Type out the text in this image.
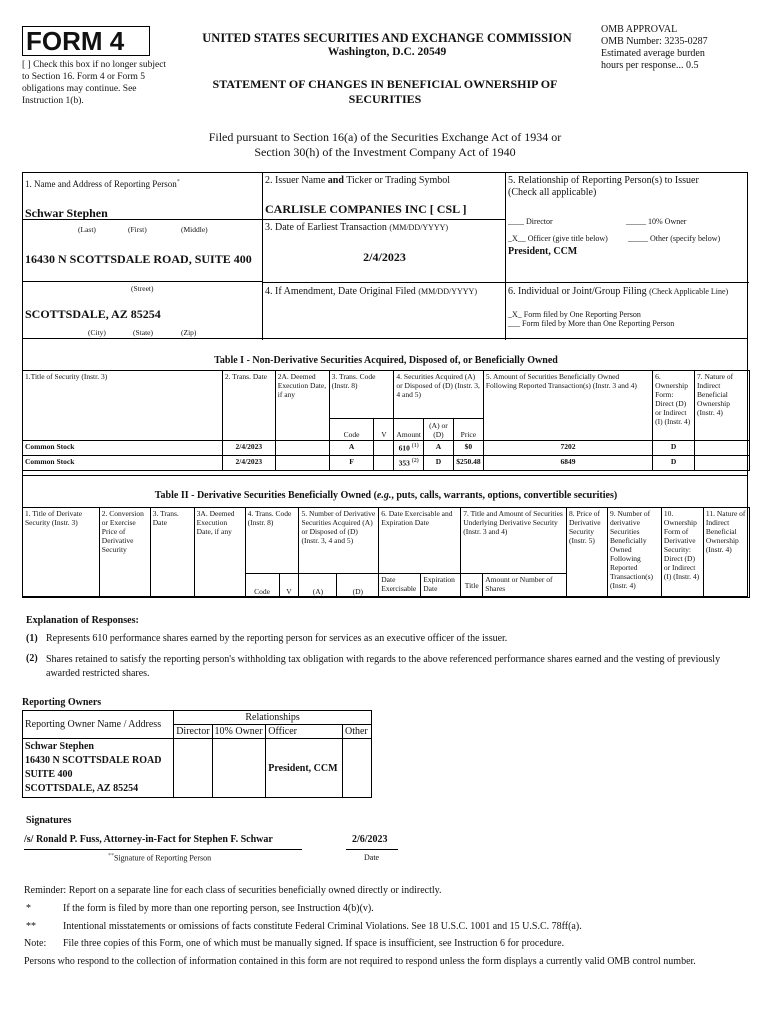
FORM 4
[ ] Check this box if no longer subject to Section 16. Form 4 or Form 5 obligations may continue. See Instruction 1(b).
UNITED STATES SECURITIES AND EXCHANGE COMMISSION
Washington, D.C. 20549
STATEMENT OF CHANGES IN BENEFICIAL OWNERSHIP OF SECURITIES
OMB APPROVAL
OMB Number: 3235-0287
Estimated average burden
hours per response... 0.5
Filed pursuant to Section 16(a) of the Securities Exchange Act of 1934 or
Section 30(h) of the Investment Company Act of 1940
1. Name and Address of Reporting Person*
Schwar Stephen
(Last)	(First)	(Middle)
16430 N SCOTTSDALE ROAD, SUITE 400
(Street)
SCOTTSDALE, AZ 85254
(City)	(State)	(Zip)
2. Issuer Name and Ticker or Trading Symbol
CARLISLE COMPANIES INC [ CSL ]
3. Date of Earliest Transaction (MM/DD/YYYY)
2/4/2023
4. If Amendment, Date Original Filed (MM/DD/YYYY)
5. Relationship of Reporting Person(s) to Issuer
(Check all applicable)
____ Director	_____ 10% Owner
_X__ Officer (give title below)	_____ Other (specify below)
President, CCM
6. Individual or Joint/Group Filing (Check Applicable Line)
_X_ Form filed by One Reporting Person
___ Form filed by More than One Reporting Person
Table I - Non-Derivative Securities Acquired, Disposed of, or Beneficially Owned
1.Title of Security (Instr. 3)	2. Trans. Date	2A. Deemed Execution Date, if any	3. Trans. Code (Instr. 8)		4. Securities Acquired (A) or Disposed of (D) (Instr. 3, 4 and 5)			5. Amount of Securities Beneficially Owned Following Reported Transaction(s) (Instr. 3 and 4)	6. Ownership Form: Direct (D) or Indirect (I) (Instr. 4)	7. Nature of Indirect Beneficial Ownership (Instr. 4)
			Code	V	Amount	(A) or (D)	Price			
Common Stock	2/4/2023		A		610 $^{(1)}$	A	$0	7202	D	
Common Stock	2/4/2023		F		353 $^{(2)}$	D	$250.48	6849	D	
Table II - Derivative Securities Beneficially Owned (e.g., puts, calls, warrants, options, convertible securities)
1. Title of Derivate Security (Instr. 3)	2. Conversion or Exercise Price of Derivative Security	3. Trans. Date	3A. Deemed Execution Date, if any	4. Trans. Code (Instr. 8)		5. Number of Derivative Securities Acquired (A) or Disposed of (D) (Instr. 3, 4 and 5)		6. Date Exercisable and Expiration Date		7. Title and Amount of Securities Underlying Derivative Security (Instr. 3 and 4)		8. Price of Derivative Security (Instr. 5)	9. Number of derivative Securities Beneficially Owned Following Reported Transaction(s) (Instr. 4)	10. Ownership Form of Derivative Security: Direct (D) or Indirect (I) (Instr. 4)	11. Nature of Indirect Beneficial Ownership (Instr. 4)
				Code	V	(A)	(D)	Date Exercisable	Expiration Date	Title	Amount or Number of Shares				
Explanation of Responses:
(1) Represents 610 performance shares earned by the reporting person for services as an executive officer of the issuer.
(2) Shares retained to satisfy the reporting person's withholding tax obligation with regards to the above referenced performance shares earned and the vesting of previously awarded restricted shares.
Reporting Owners
Reporting Owner Name / Address	Relationships			
	Director	10% Owner	Officer	Other

Schwar Stephen
16430 N SCOTTSDALE ROAD
SUITE 400
SCOTTSDALE, AZ 85254			President, CCM	
Signatures
/s/ Ronald P. Fuss, Attorney-in-Fact for Stephen F. Schwar	2/6/2023
**Signature of Reporting Person	Date
Reminder: Report on a separate line for each class of securities beneficially owned directly or indirectly.
*	If the form is filed by more than one reporting person, see Instruction 4(b)(v).
**	Intentional misstatements or omissions of facts constitute Federal Criminal Violations. See 18 U.S.C. 1001 and 15 U.S.C. 78ff(a).
Note: File three copies of this Form, one of which must be manually signed. If space is insufficient, see Instruction 6 for procedure.
Persons who respond to the collection of information contained in this form are not required to respond unless the form displays a currently valid OMB control number.
